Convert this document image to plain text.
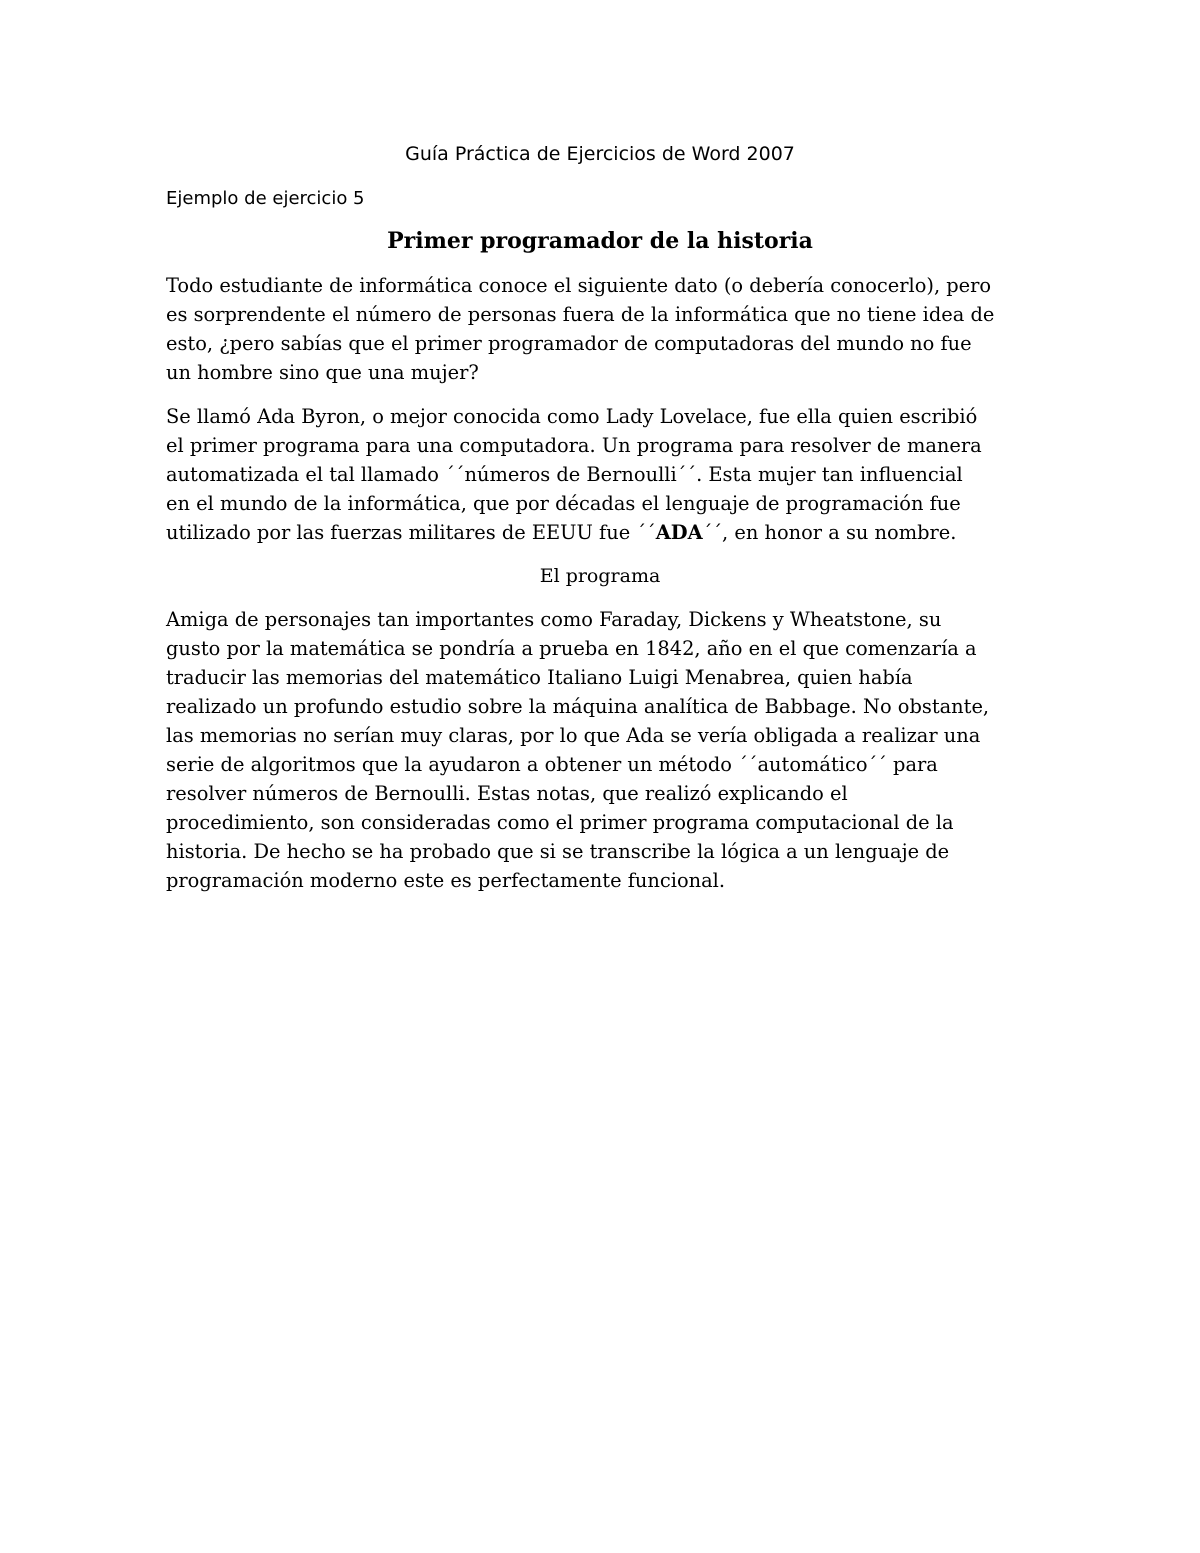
Guía Práctica de Ejercicios de Word 2007
Ejemplo de ejercicio 5
Primer programador de la historia

Todo estudiante de informática conoce el siguiente dato (o debería conocerlo), pero
es sorprendente el número de personas fuera de la informática que no tiene idea de
esto, ¿pero sabías que el primer programador de computadoras del mundo no fue
un hombre sino que una mujer?

Se llamó Ada Byron, o mejor conocida como Lady Lovelace, fue ella quien escribió
el primer programa para una computadora. Un programa para resolver de manera
automatizada el tal llamado ´´números de Bernoulli´´. Esta mujer tan influencial
en el mundo de la informática, que por décadas el lenguaje de programación fue
utilizado por las fuerzas militares de EEUU fue ´´ADA´´, en honor a su nombre.

El programa

Amiga de personajes tan importantes como Faraday, Dickens y Wheatstone, su
gusto por la matemática se pondría a prueba en 1842, año en el que comenzaría a
traducir las memorias del matemático Italiano Luigi Menabrea, quien había
realizado un profundo estudio sobre la máquina analítica de Babbage. No obstante,
las memorias no serían muy claras, por lo que Ada se vería obligada a realizar una
serie de algoritmos que la ayudaron a obtener un método ´´automático´´ para
resolver números de Bernoulli. Estas notas, que realizó explicando el
procedimiento, son consideradas como el primer programa computacional de la
historia. De hecho se ha probado que si se transcribe la lógica a un lenguaje de
programación moderno este es perfectamente funcional.
